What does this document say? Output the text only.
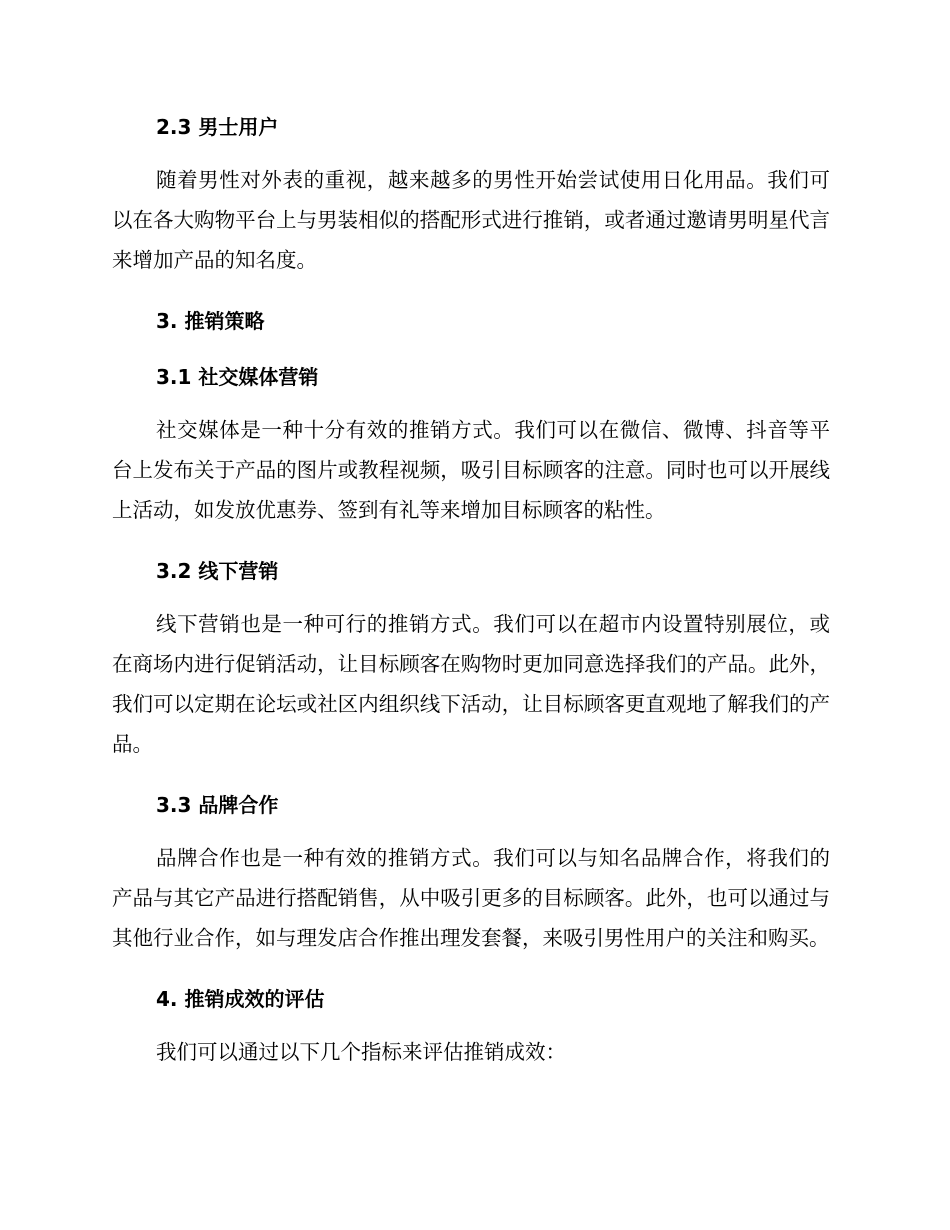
2.3 男士用户

随着男性对外表的重视，越来越多的男性开始尝试使用日化用品。我们可以在各大购物平台上与男装相似的搭配形式进行推销，或者通过邀请男明星代言来增加产品的知名度。

3. 推销策略
3.1 社交媒体营销

社交媒体是一种十分有效的推销方式。我们可以在微信、微博、抖音等平台上发布关于产品的图片或教程视频，吸引目标顾客的注意。同时也可以开展线上活动，如发放优惠券、签到有礼等来增加目标顾客的粘性。

3.2 线下营销

线下营销也是一种可行的推销方式。我们可以在超市内设置特别展位，或在商场内进行促销活动，让目标顾客在购物时更加同意选择我们的产品。此外，我们可以定期在论坛或社区内组织线下活动，让目标顾客更直观地了解我们的产品。

3.3 品牌合作

品牌合作也是一种有效的推销方式。我们可以与知名品牌合作，将我们的产品与其它产品进行搭配销售，从中吸引更多的目标顾客。此外，也可以通过与其他行业合作，如与理发店合作推出理发套餐，来吸引男性用户的关注和购买。

4. 推销成效的评估

我们可以通过以下几个指标来评估推销成效：
